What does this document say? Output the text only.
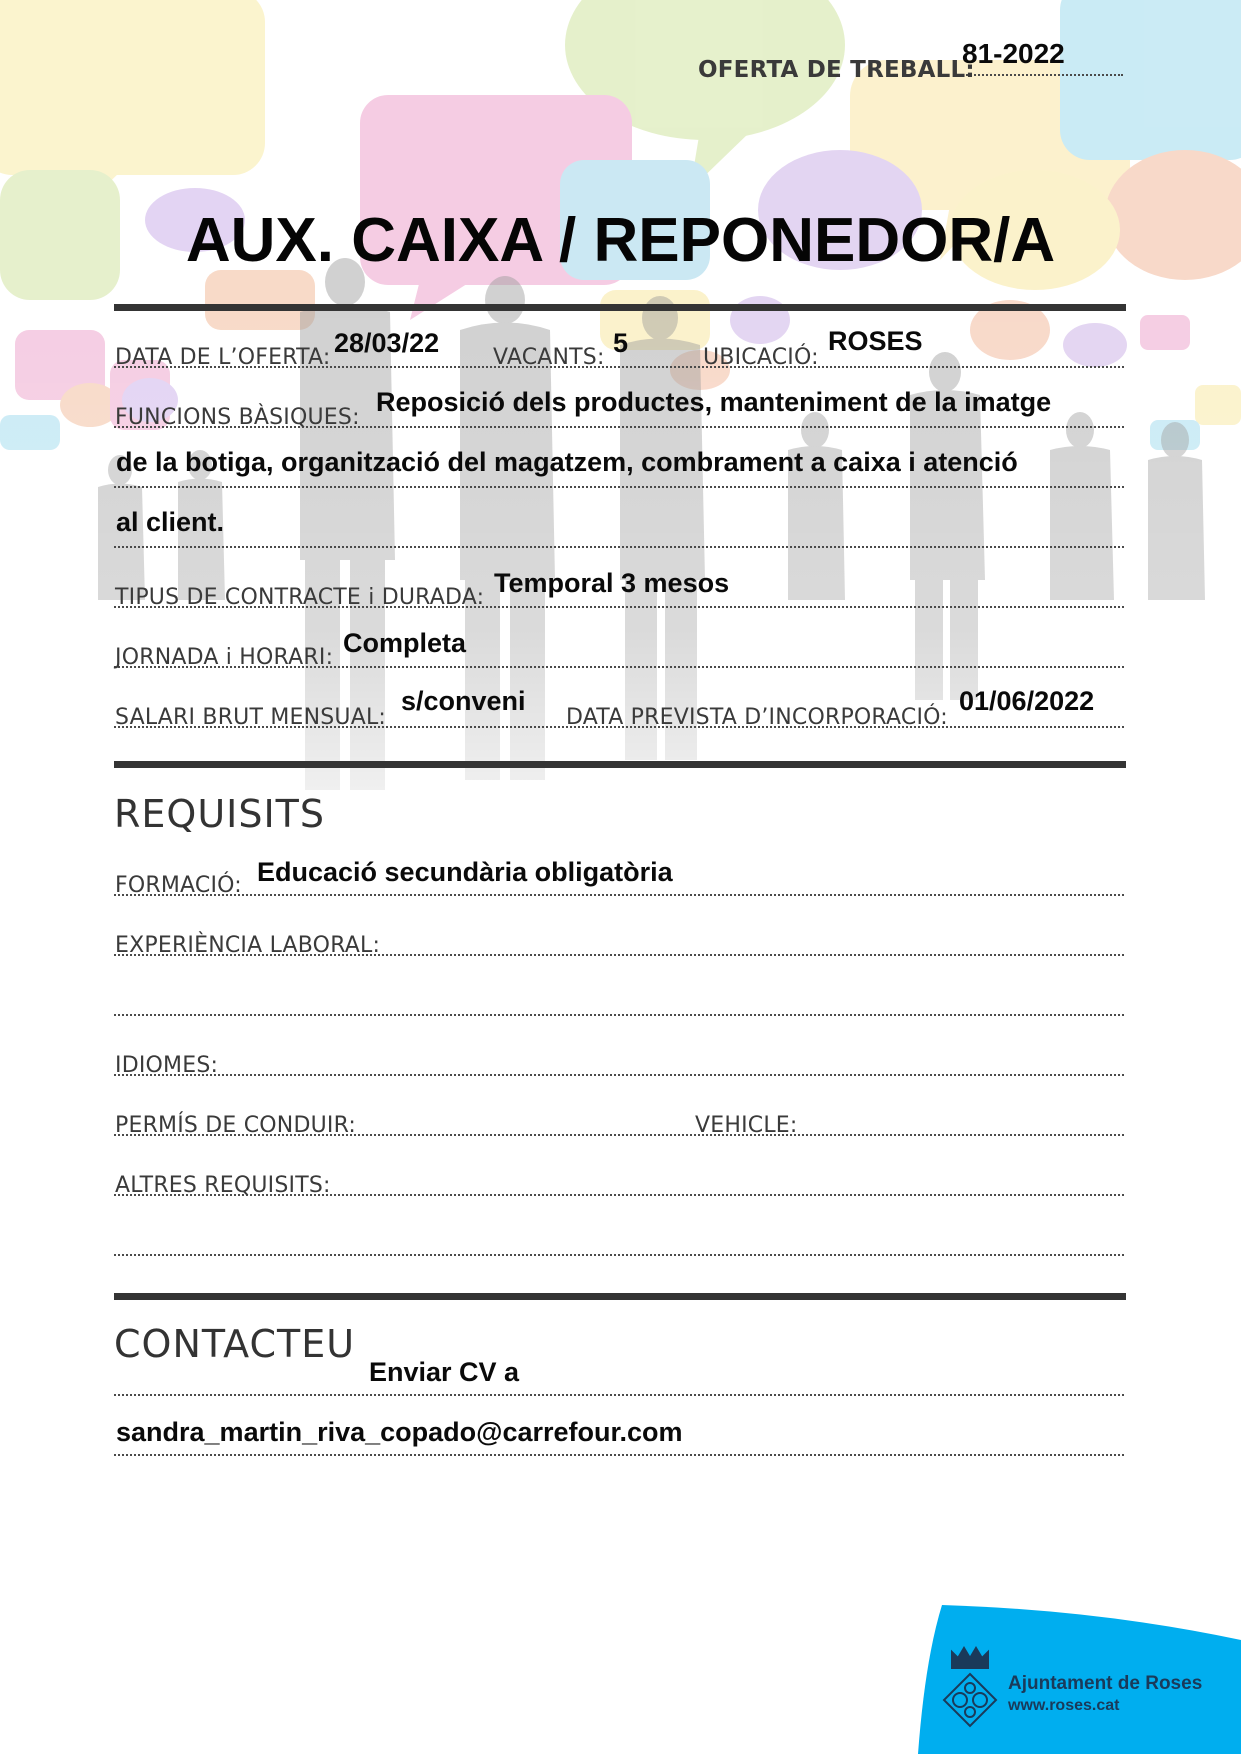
OFERTA DE TREBALL:
81-2022
AUX. CAIXA / REPONEDOR/A
DATA DE L’OFERTA: 28/03/22 VACANTS: 5	UBICACIÓ:
ROSES
FUNCIONS BÀSIQUES:
Reposició dels productes, manteniment de la imatge
de la botiga, organització del magatzem, combrament a caixa i atenció
al client.
TIPUS DE CONTRACTE i DURADA: Temporal 3 mesos
JORNADA i HORARI: Completa
SALARI BRUT MENSUAL:
s/conveni
DATA PREVISTA D’INCORPORACIÓ:
01/06/2022
REQUISITS
FORMACIÓ: Educació secundària obligatòria
EXPERIÈNCIA LABORAL:
IDIOMES:
PERMÍS DE CONDUIR:	VEHICLE:
ALTRES REQUISITS:
CONTACTEU
Enviar CV a
sandra_martin_riva_copado@carrefour.com
Ajuntament de Roses
www.roses.cat
